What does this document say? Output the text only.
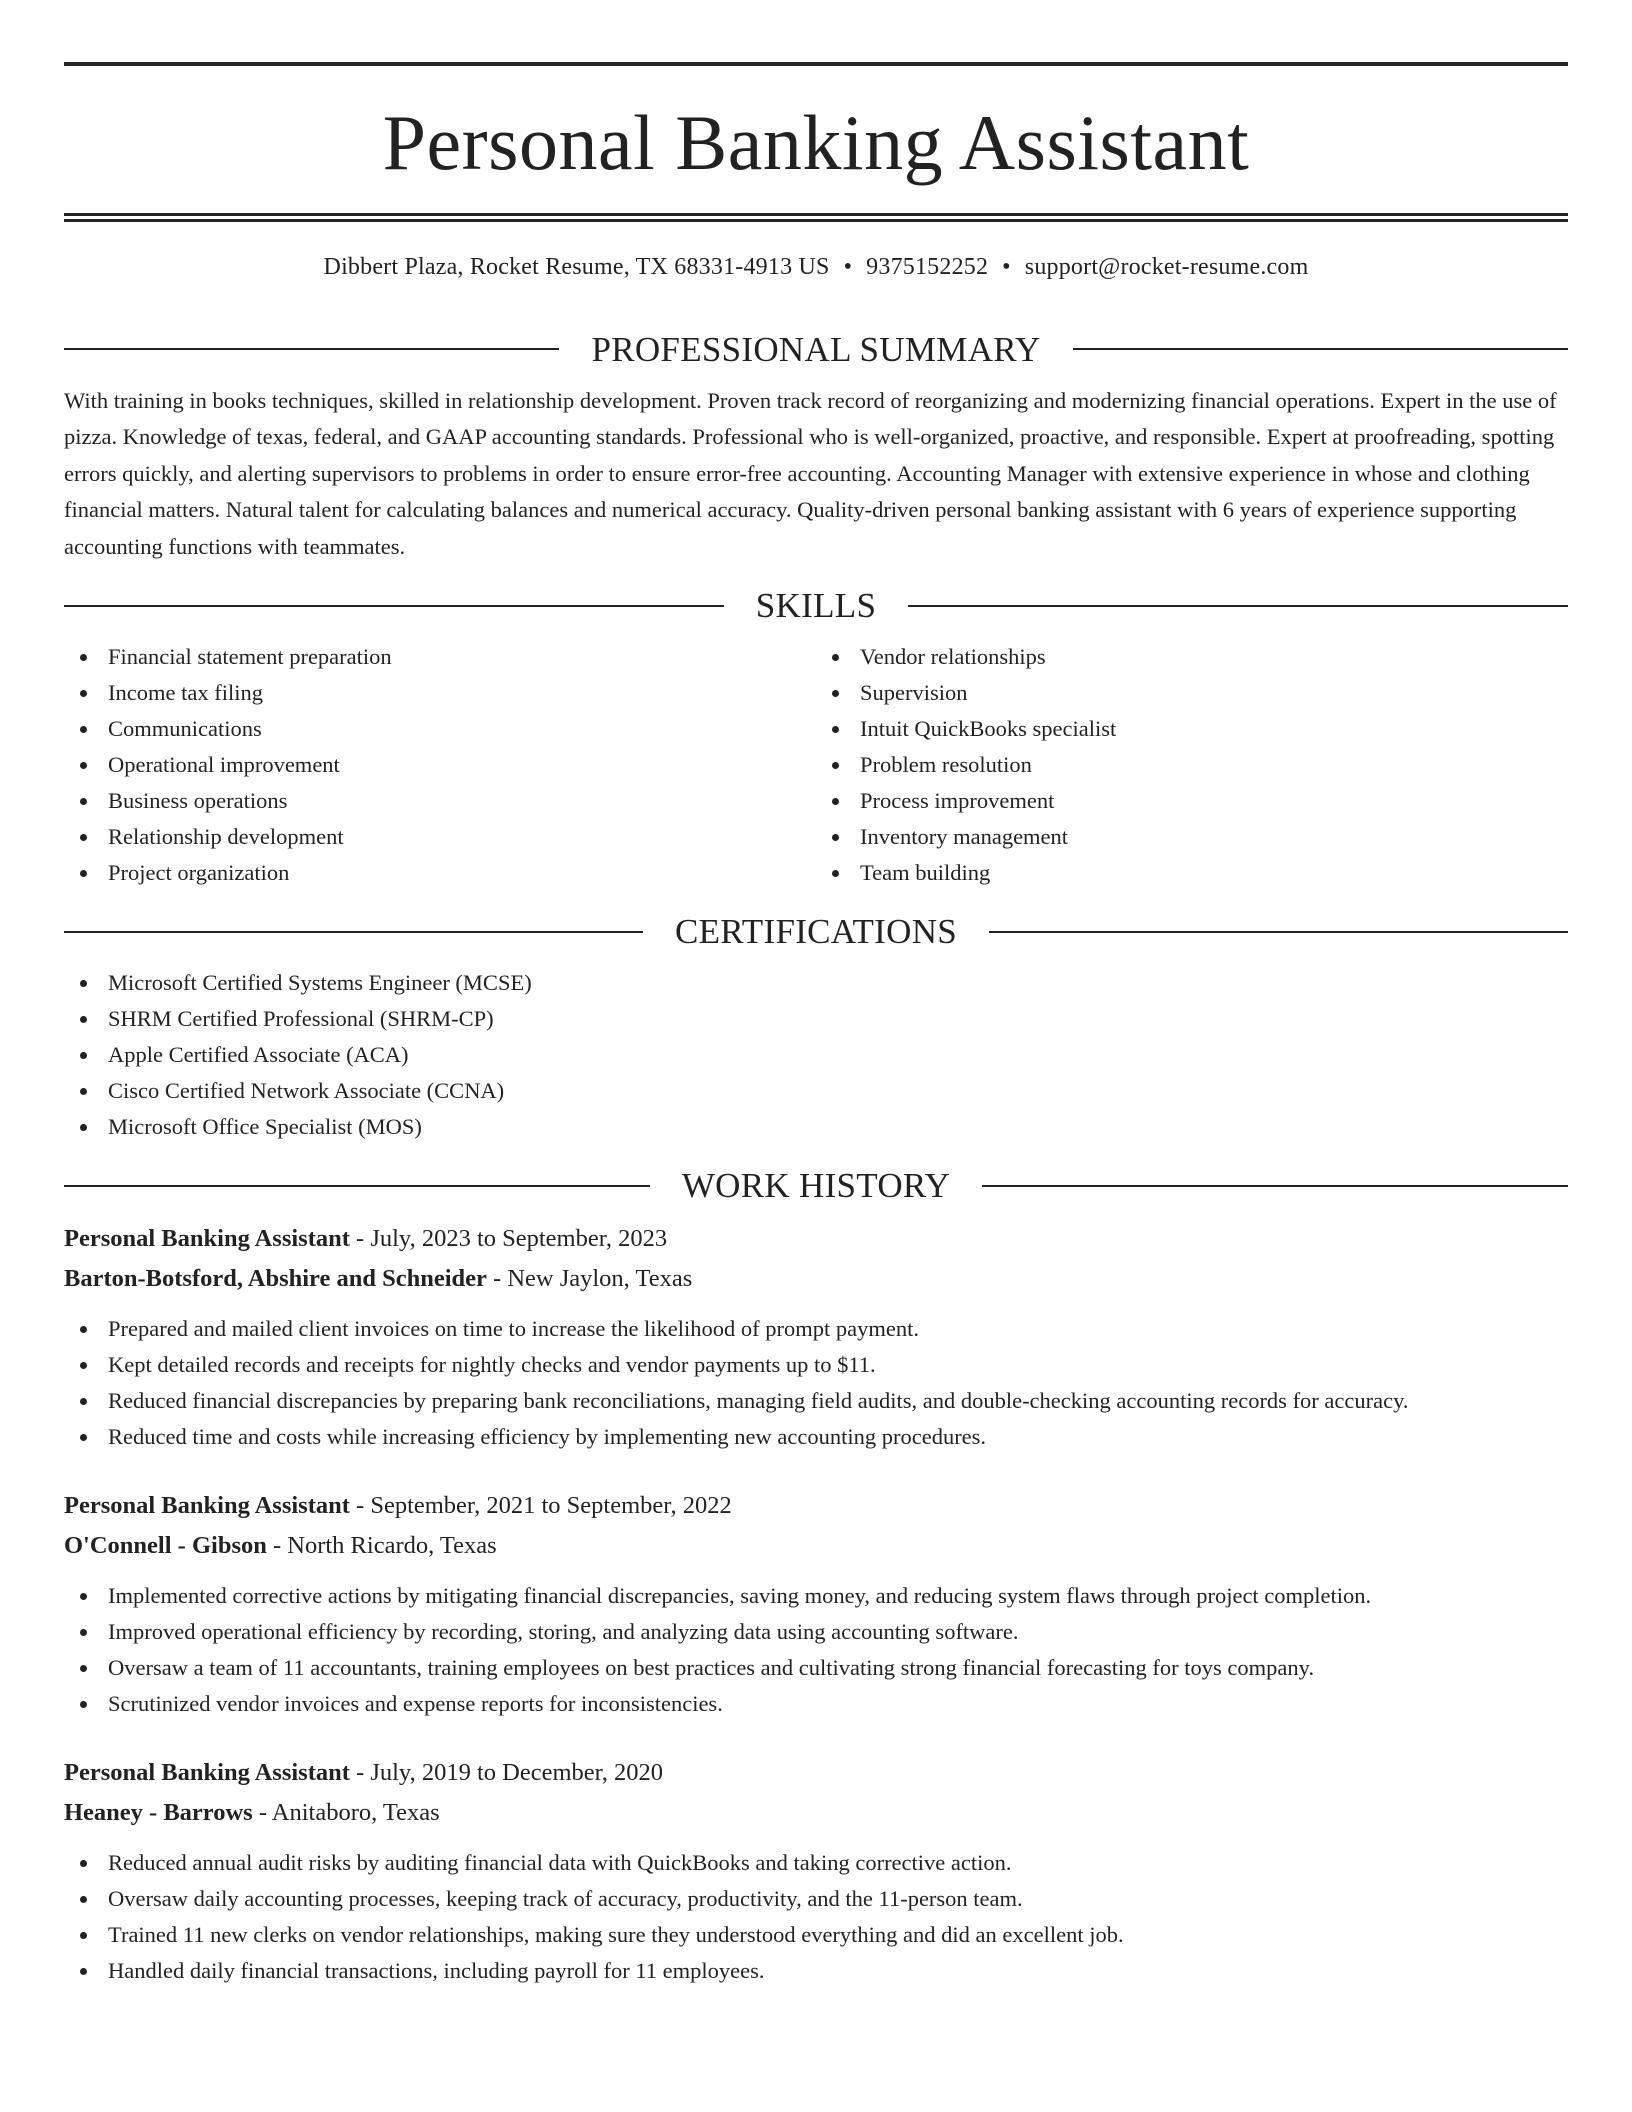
Personal Banking Assistant
Dibbert Plaza, Rocket Resume, TX 68331-4913 US • 9375152252 • support@rocket-resume.com
PROFESSIONAL SUMMARY

With training in books techniques, skilled in relationship development. Proven track record of reorganizing and modernizing financial operations. Expert in the use of pizza. Knowledge of texas, federal, and GAAP accounting standards. Professional who is well-organized, proactive, and responsible. Expert at proofreading, spotting errors quickly, and alerting supervisors to problems in order to ensure error-free accounting. Accounting Manager with extensive experience in whose and clothing financial matters. Natural talent for calculating balances and numerical accuracy. Quality-driven personal banking assistant with 6 years of experience supporting accounting functions with teammates.

SKILLS
Financial statement preparation
Income tax filing
Communications
Operational improvement
Business operations
Relationship development
Project organization
Vendor relationships
Supervision
Intuit QuickBooks specialist
Problem resolution
Process improvement
Inventory management
Team building
CERTIFICATIONS
Microsoft Certified Systems Engineer (MCSE)
SHRM Certified Professional (SHRM-CP)
Apple Certified Associate (ACA)
Cisco Certified Network Associate (CCNA)
Microsoft Office Specialist (MOS)
WORK HISTORY
Personal Banking Assistant - July, 2023 to September, 2023
Barton-Botsford, Abshire and Schneider - New Jaylon, Texas
Prepared and mailed client invoices on time to increase the likelihood of prompt payment.
Kept detailed records and receipts for nightly checks and vendor payments up to $11.
Reduced financial discrepancies by preparing bank reconciliations, managing field audits, and double-checking accounting records for accuracy.
Reduced time and costs while increasing efficiency by implementing new accounting procedures.
Personal Banking Assistant - September, 2021 to September, 2022
O'Connell - Gibson - North Ricardo, Texas
Implemented corrective actions by mitigating financial discrepancies, saving money, and reducing system flaws through project completion.
Improved operational efficiency by recording, storing, and analyzing data using accounting software.
Oversaw a team of 11 accountants, training employees on best practices and cultivating strong financial forecasting for toys company.
Scrutinized vendor invoices and expense reports for inconsistencies.
Personal Banking Assistant - July, 2019 to December, 2020
Heaney - Barrows - Anitaboro, Texas
Reduced annual audit risks by auditing financial data with QuickBooks and taking corrective action.
Oversaw daily accounting processes, keeping track of accuracy, productivity, and the 11-person team.
Trained 11 new clerks on vendor relationships, making sure they understood everything and did an excellent job.
Handled daily financial transactions, including payroll for 11 employees.
